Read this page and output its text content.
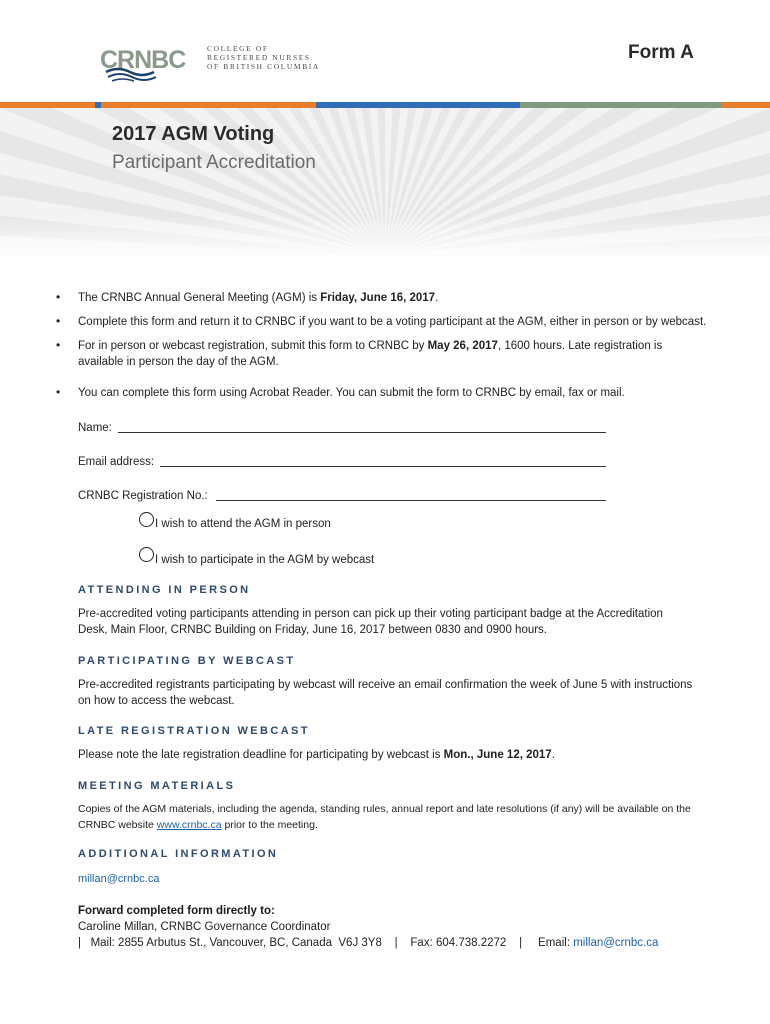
CRNBC	COLLEGE OF
REGISTERED NURSES
OF BRITISH COLUMBIA
Form A
2017 AGM Voting
Participant Accreditation
• The CRNBC Annual General Meeting (AGM) is Friday, June 16, 2017.
• Complete this form and return it to CRNBC if you want to be a voting participant at the AGM, either in person or by webcast.
• For in person or webcast registration, submit this form to CRNBC by May 26, 2017, 1600 hours. Late registration is
available in person the day of the AGM.
• You can complete this form using Acrobat Reader. You can submit the form to CRNBC by email, fax or mail.
Name:
Email address:
CRNBC Registration No.:
I wish to attend the AGM in person
I wish to participate in the AGM by webcast
ATTENDING IN PERSON
Pre-accredited voting participants attending in person can pick up their voting participant badge at the Accreditation
Desk, Main Floor, CRNBC Building on Friday, June 16, 2017 between 0830 and 0900 hours.
PARTICIPATING BY WEBCAST
Pre-accredited registrants participating by webcast will receive an email confirmation the week of June 5 with instructions
on how to access the webcast.
LATE REGISTRATION WEBCAST
Please note the late registration deadline for participating by webcast is Mon., June 12, 2017.
MEETING MATERIALS
Copies of the AGM materials, including the agenda, standing rules, annual report and late resolutions (if any) will be available on the
CRNBC website www.crnbc.ca prior to the meeting.
ADDITIONAL INFORMATION
millan@crnbc.ca
Forward completed form directly to:
Caroline Millan, CRNBC Governance Coordinator
|   Mail: 2855 Arbutus St., Vancouver, BC, Canada  V6J 3Y8    |    Fax: 604.738.2272    |     Email: millan@crnbc.ca
